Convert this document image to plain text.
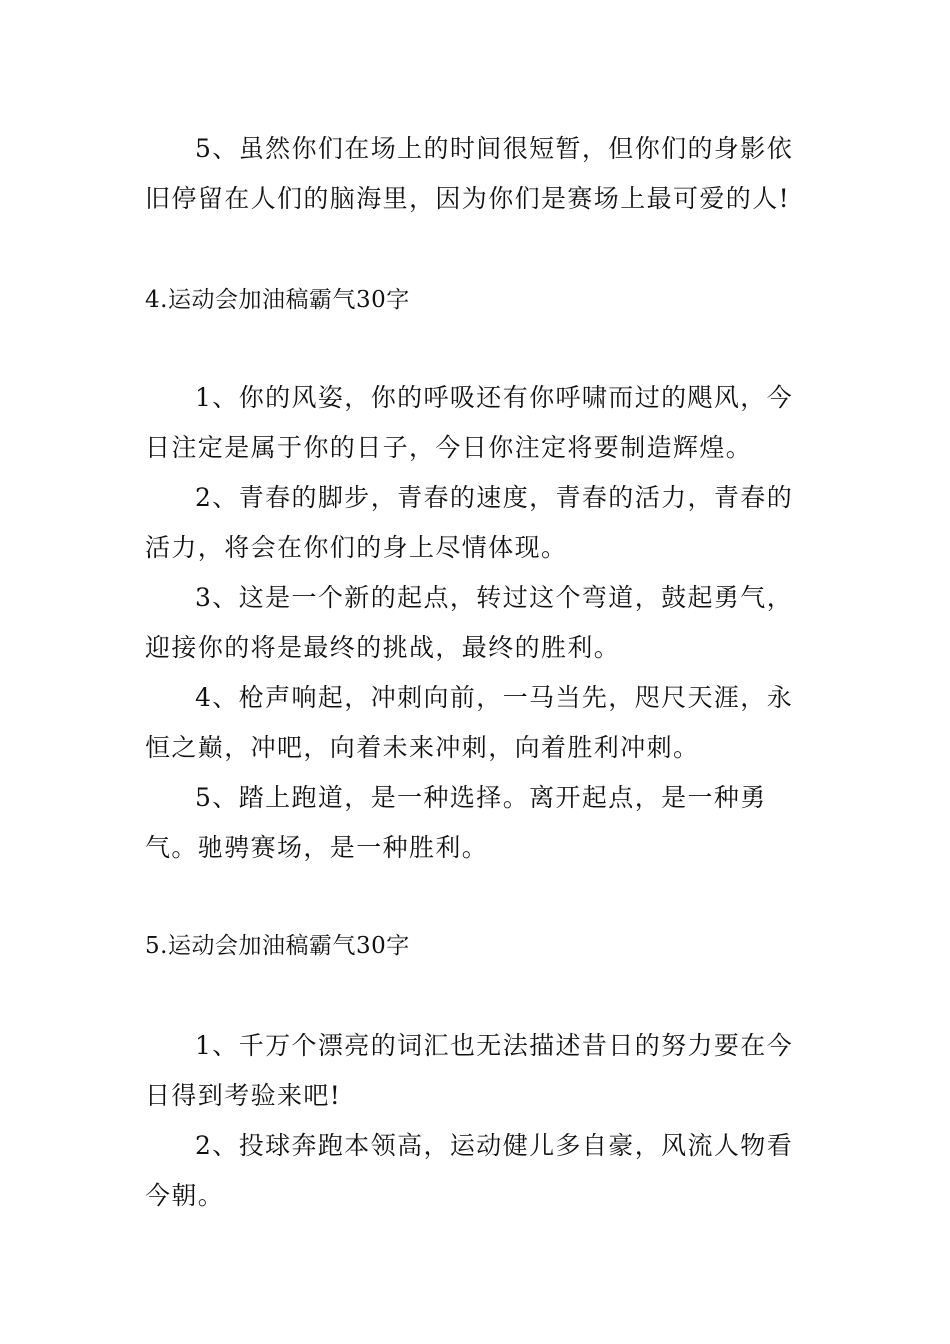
5、虽然你们在场上的时间很短暂，但你们的身影依旧停留在人们的脑海里，因为你们是赛场上最可爱的人!

4.运动会加油稿霸气30字

1、你的风姿，你的呼吸还有你呼啸而过的飓风，今日注定是属于你的日子，今日你注定将要制造辉煌。

2、青春的脚步，青春的速度，青春的活力，青春的活力，将会在你们的身上尽情体现。

3、这是一个新的起点，转过这个弯道，鼓起勇气，迎接你的将是最终的挑战，最终的胜利。

4、枪声响起，冲刺向前，一马当先，咫尺天涯，永恒之巅，冲吧，向着未来冲刺，向着胜利冲刺。

5、踏上跑道，是一种选择。离开起点，是一种勇气。驰骋赛场，是一种胜利。

5.运动会加油稿霸气30字

1、千万个漂亮的词汇也无法描述昔日的努力要在今日得到考验来吧!

2、投球奔跑本领高，运动健儿多自豪，风流人物看今朝。
